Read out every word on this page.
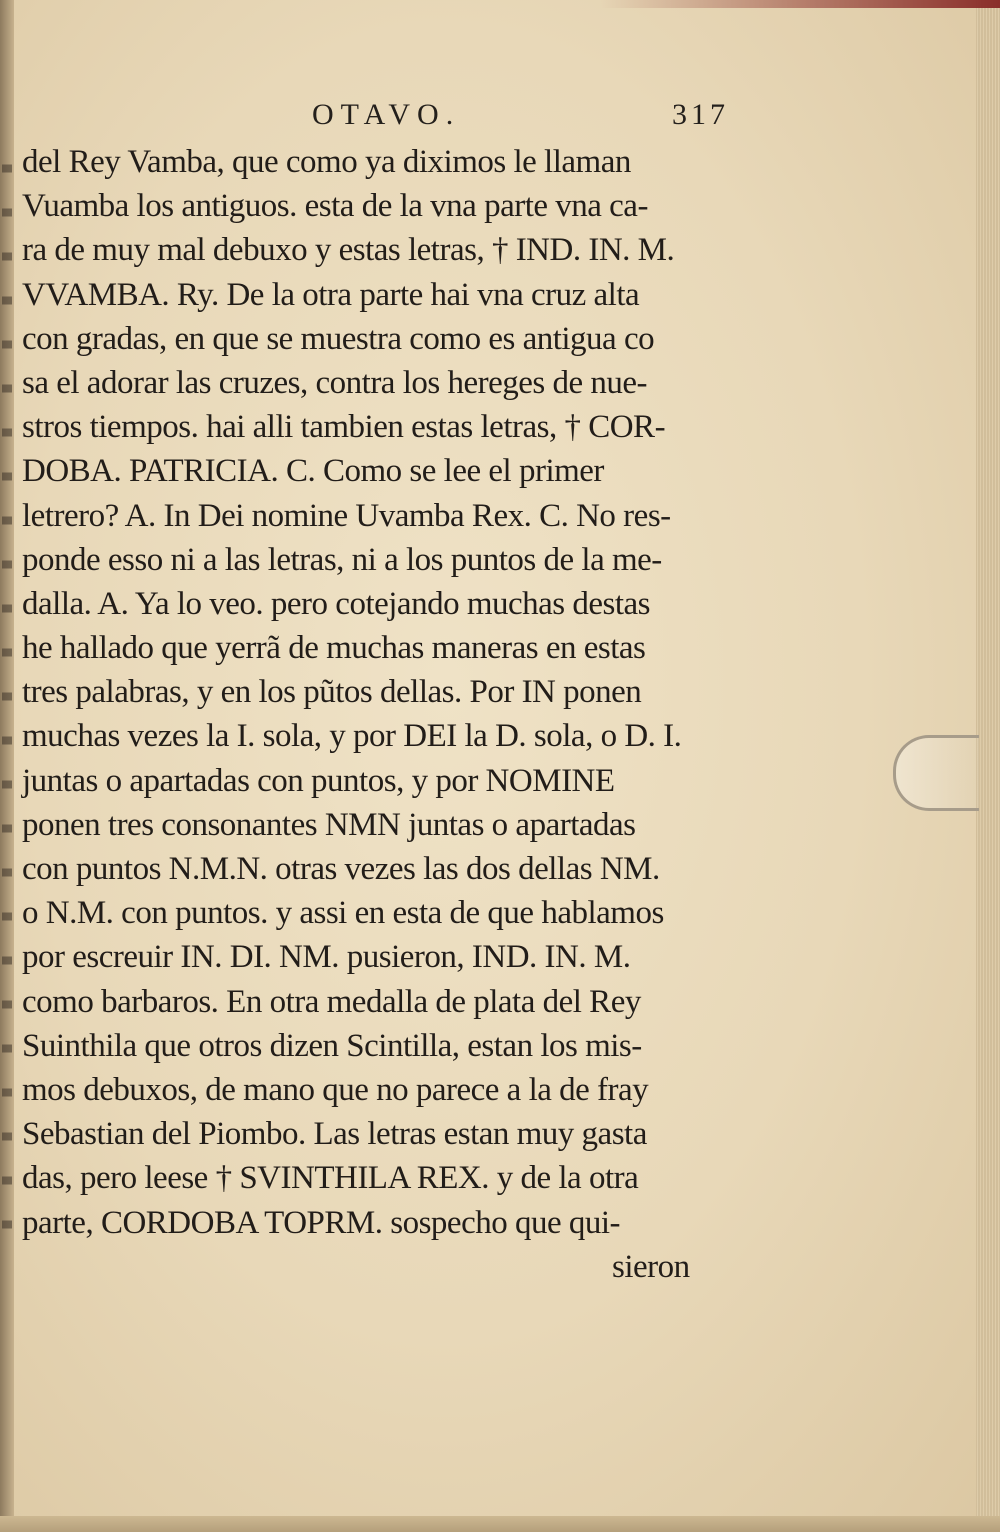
OTAVO.	317
del Rey Vamba, que como ya diximos le llaman
Vuamba los antiguos. esta de la vna parte vna ca-
ra de muy mal debuxo y estas letras, † IND. IN. M.
VVAMBA. Ry. De la otra parte hai vna cruz alta
con gradas, en que se muestra como es antigua co
sa el adorar las cruzes, contra los hereges de nue-
stros tiempos. hai alli tambien estas letras, † COR-
DOBA. PATRICIA. C. Como se lee el primer
letrero? A. In Dei nomine Uvamba Rex. C. No res-
ponde esso ni a las letras, ni a los puntos de la me-
dalla. A. Ya lo veo. pero cotejando muchas destas
he hallado que yerrã de muchas maneras en estas
tres palabras, y en los pũtos dellas. Por IN ponen
muchas vezes la I. sola, y por DEI la D. sola, o D. I.
juntas o apartadas con puntos, y por NOMINE
ponen tres consonantes NMN juntas o apartadas
con puntos N.M.N. otras vezes las dos dellas NM.
o N.M. con puntos. y assi en esta de que hablamos
por escreuir IN. DI. NM. pusieron, IND. IN. M.
como barbaros. En otra medalla de plata del Rey
Suinthila que otros dizen Scintilla, estan los mis-
mos debuxos, de mano que no parece a la de fray
Sebastian del Piombo. Las letras estan muy gasta
das, pero leese † SVINTHILA REX. y de la otra
parte, CORDOBA TOPRM. sospecho que qui-
sieron
